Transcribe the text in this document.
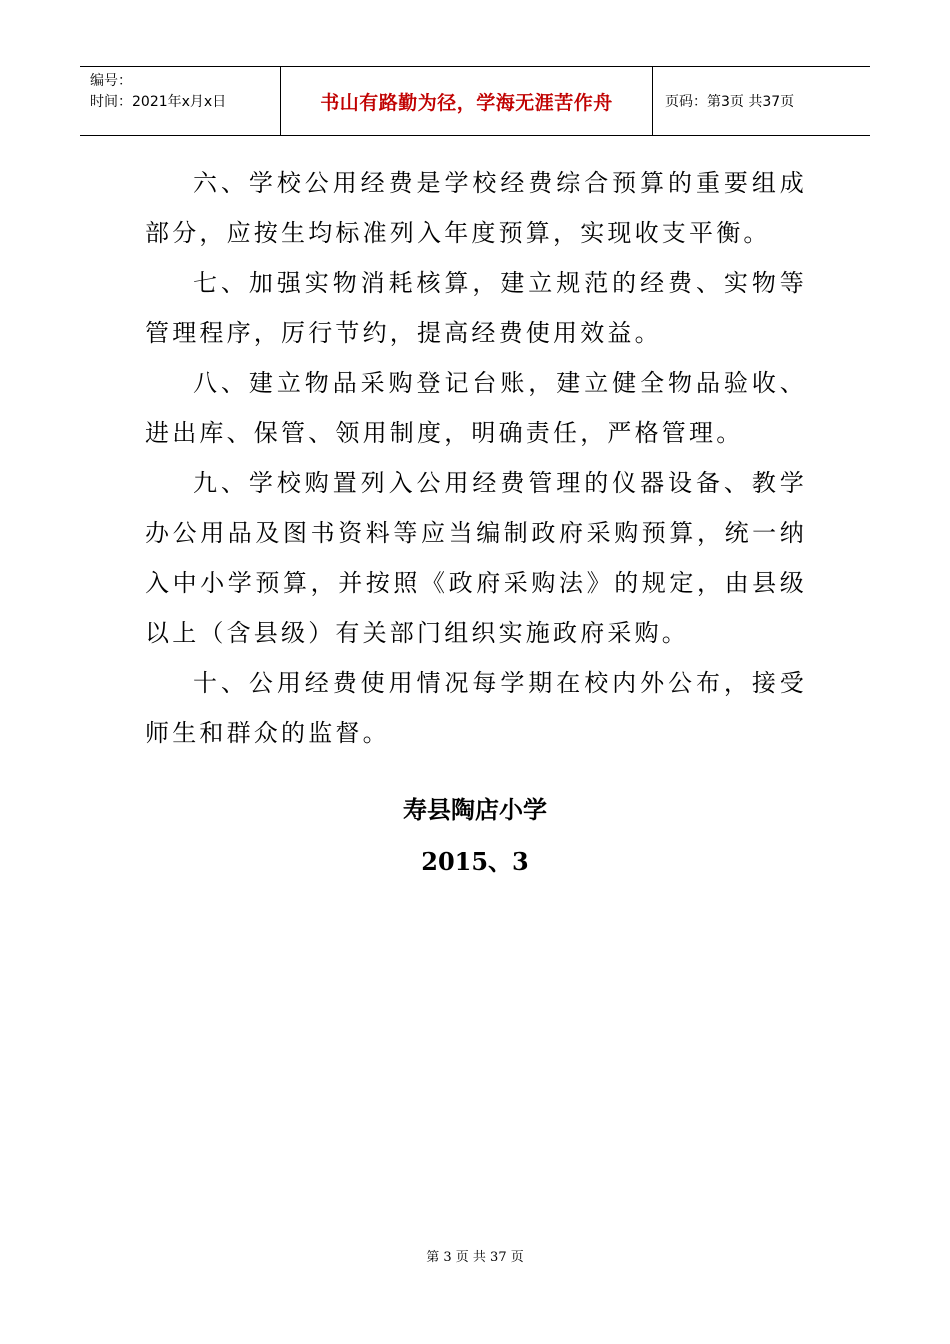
编号：
时间：2021年x月x日	书山有路勤为径，学海无涯苦作舟	页码：第3页 共37页

六、学校公用经费是学校经费综合预算的重要组成部分，应按生均标准列入年度预算，实现收支平衡。

七、加强实物消耗核算，建立规范的经费、实物等管理程序，厉行节约，提高经费使用效益。

八、建立物品采购登记台账，建立健全物品验收、进出库、保管、领用制度，明确责任，严格管理。

九、学校购置列入公用经费管理的仪器设备、教学办公用品及图书资料等应当编制政府采购预算，统一纳入中小学预算，并按照《政府采购法》的规定，由县级以上（含县级）有关部门组织实施政府采购。

十、公用经费使用情况每学期在校内外公布，接受师生和群众的监督。

寿县陶店小学
2015、3
第 3 页 共 37 页
